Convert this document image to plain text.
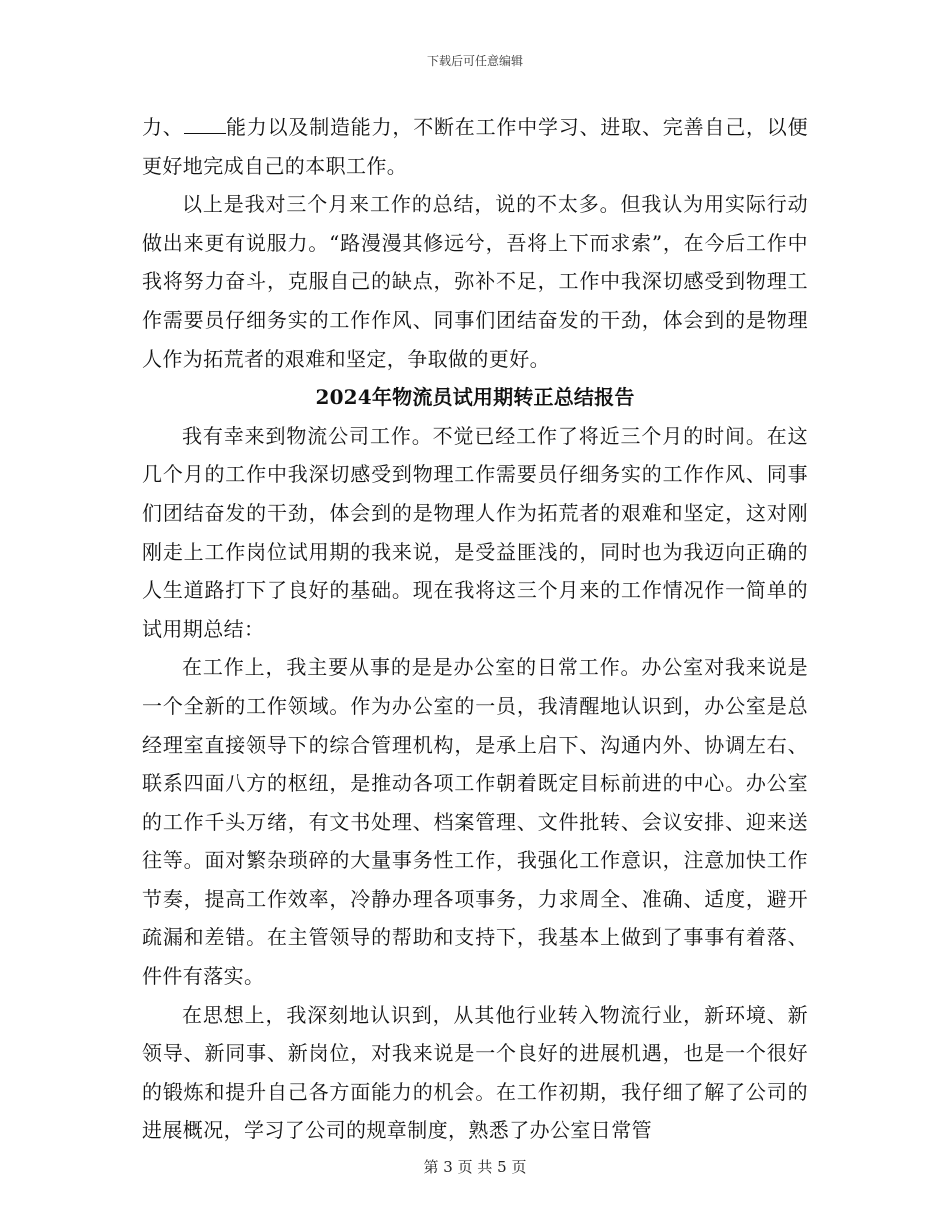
下载后可任意编辑

力、 能力以及制造能力，不断在工作中学习、进取、完善自己，以便更好地完成自己的本职工作。

以上是我对三个月来工作的总结，说的不太多。但我认为用实际行动做出来更有说服力。“路漫漫其修远兮，吾将上下而求索”，在今后工作中我将努力奋斗，克服自己的缺点，弥补不足，工作中我深切感受到物理工作需要员仔细务实的工作作风、同事们团结奋发的干劲，体会到的是物理人作为拓荒者的艰难和坚定，争取做的更好。

2024年物流员试用期转正总结报告

我有幸来到物流公司工作。不觉已经工作了将近三个月的时间。在这几个月的工作中我深切感受到物理工作需要员仔细务实的工作作风、同事们团结奋发的干劲，体会到的是物理人作为拓荒者的艰难和坚定，这对刚刚走上工作岗位试用期的我来说，是受益匪浅的，同时也为我迈向正确的人生道路打下了良好的基础。现在我将这三个月来的工作情况作一简单的试用期总结：

在工作上，我主要从事的是是办公室的日常工作。办公室对我来说是一个全新的工作领域。作为办公室的一员，我清醒地认识到，办公室是总经理室直接领导下的综合管理机构，是承上启下、沟通内外、协调左右、联系四面八方的枢纽，是推动各项工作朝着既定目标前进的中心。办公室的工作千头万绪，有文书处理、档案管理、文件批转、会议安排、迎来送往等。面对繁杂琐碎的大量事务性工作，我强化工作意识，注意加快工作节奏，提高工作效率，冷静办理各项事务，力求周全、准确、适度，避开疏漏和差错。在主管领导的帮助和支持下，我基本上做到了事事有着落、件件有落实。

在思想上，我深刻地认识到，从其他行业转入物流行业，新环境、新领导、新同事、新岗位，对我来说是一个良好的进展机遇，也是一个很好的锻炼和提升自己各方面能力的机会。在工作初期，我仔细了解了公司的进展概况，学习了公司的规章制度，熟悉了办公室日常管

第 3 页 共 5 页
